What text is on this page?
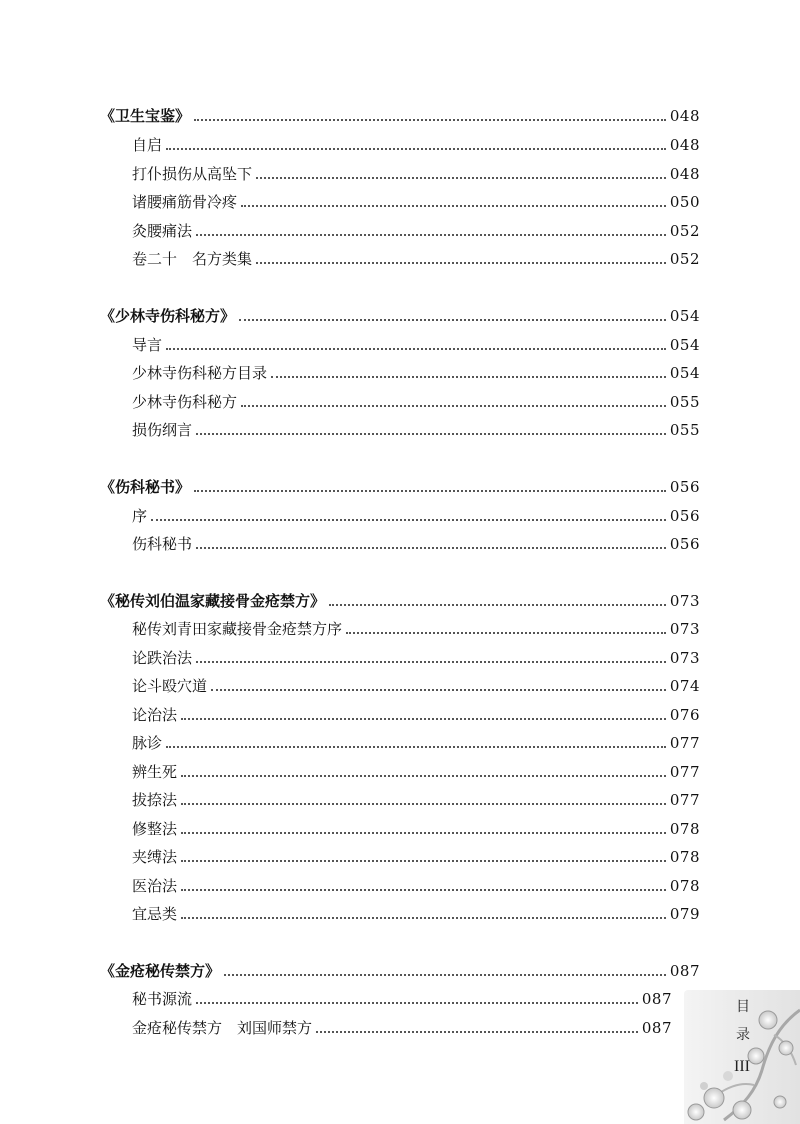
《卫生宝鉴》	048
自启	048
打仆损伤从高坠下	048
诸腰痛筋骨冷疼	050
灸腰痛法	052
卷二十　名方类集	052
《少林寺伤科秘方》	054
导言	054
少林寺伤科秘方目录	054
少林寺伤科秘方	055
损伤纲言	055
《伤科秘书》	056
序	056
伤科秘书	056
《秘传刘伯温家藏接骨金疮禁方》	073
秘传刘青田家藏接骨金疮禁方序	073
论跌治法	073
论斗殴穴道	074
论治法	076
脉诊	077
辨生死	077
拔捺法	077
修整法	078
夹缚法	078
医治法	078
宜忌类	079
《金疮秘传禁方》	087
秘书源流	087
金疮秘传禁方　刘国师禁方	087
目
录
III
